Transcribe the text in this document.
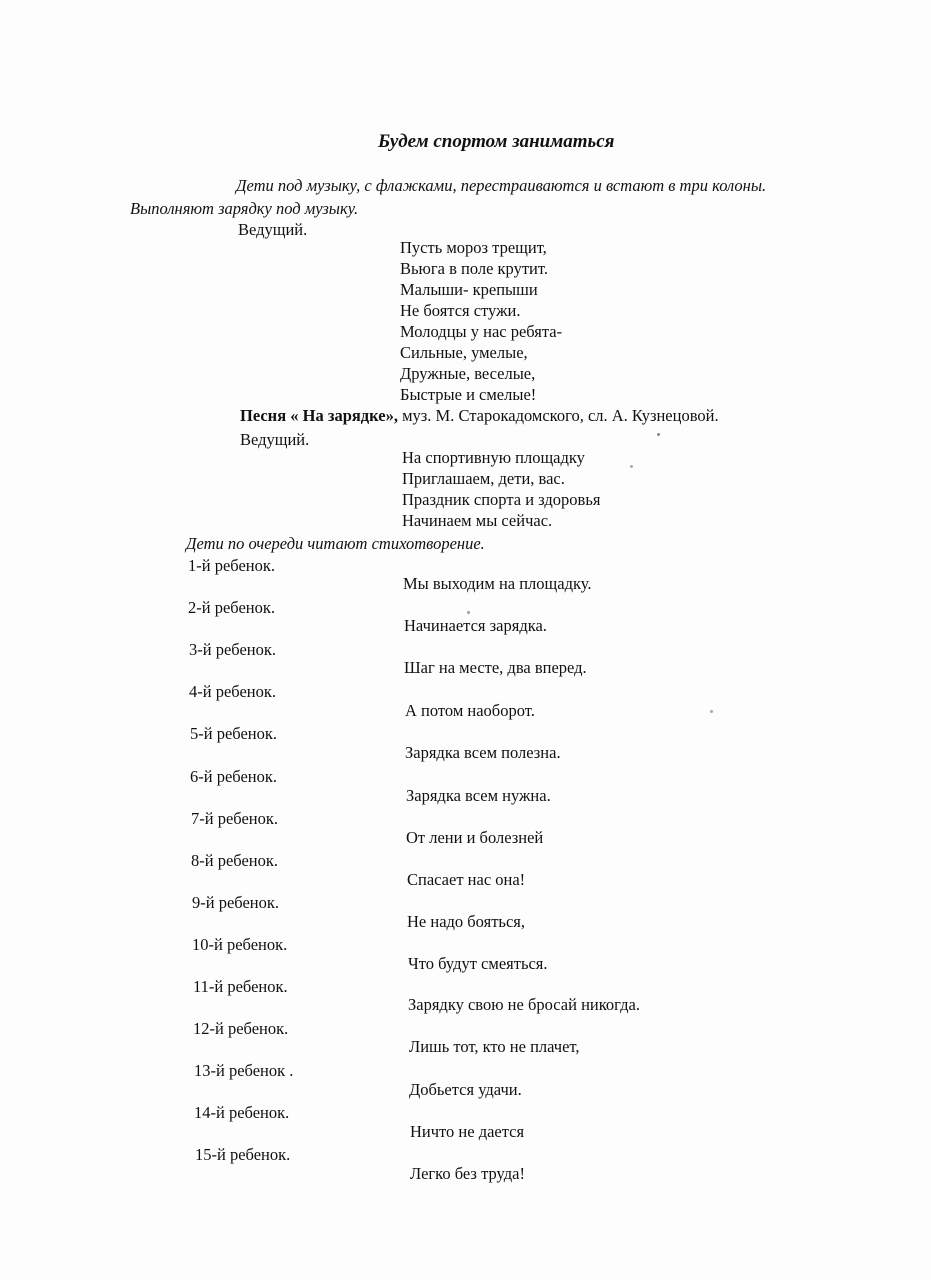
Будем спортом заниматься
Дети под музыку, с флажками, перестраиваются и встают в три колоны.
Выполняют зарядку под музыку.
Ведущий.
Пусть мороз трещит,
Вьюга в поле крутит.
Малыши- крепыши
Не боятся стужи.
Молодцы у нас ребята-
Сильные, умелые,
Дружные, веселые,
Быстрые и смелые!
Песня « На зарядке», муз. М. Старокадомского, сл. А. Кузнецовой.
Ведущий.
На спортивную площадку
Приглашаем, дети, вас.
Праздник спорта и здоровья
Начинаем мы сейчас.
Дети по очереди читают стихотворение.
1-й ребенок.
Мы выходим на площадку.
2-й ребенок.
Начинается зарядка.
3-й ребенок.
Шаг на месте, два вперед.
4-й ребенок.
А потом наоборот.
5-й ребенок.
Зарядка всем полезна.
6-й ребенок.
Зарядка всем нужна.
7-й ребенок.
От лени и болезней
8-й ребенок.
Спасает нас она!
9-й ребенок.
Не надо бояться,
10-й ребенок.
Что будут смеяться.
11-й ребенок.
Зарядку свою не бросай никогда.
12-й ребенок.
Лишь тот, кто не плачет,
13-й ребенок .
Добьется удачи.
14-й ребенок.
Ничто не дается
15-й ребенок.
Легко без труда!
